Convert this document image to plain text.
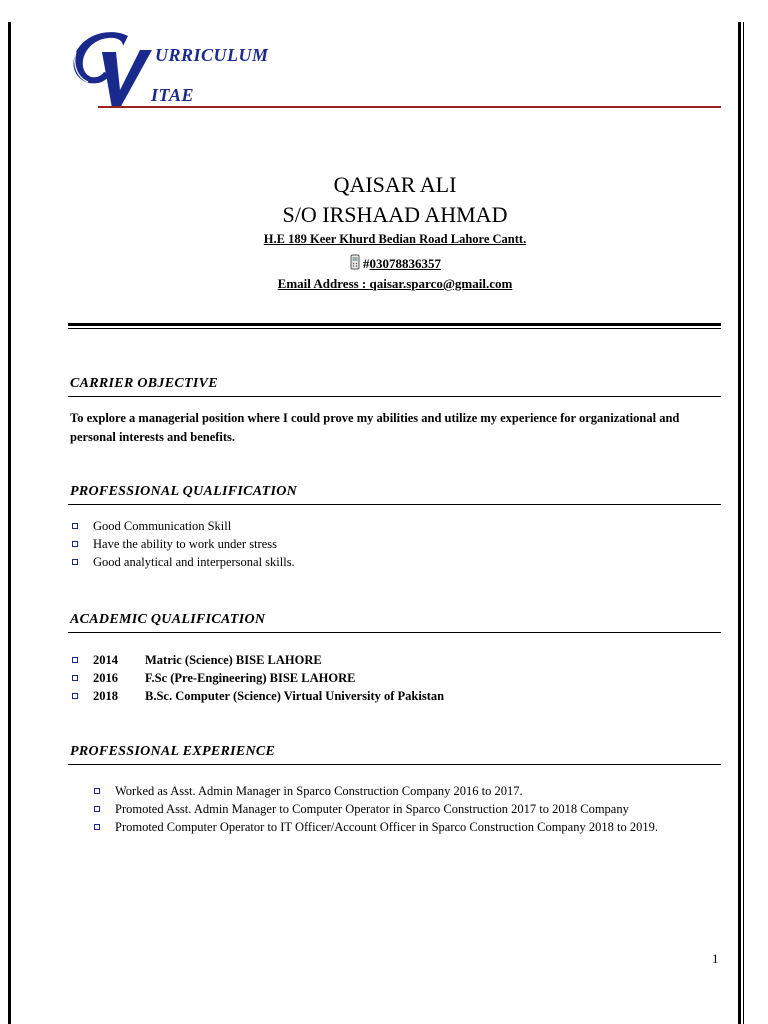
URRICULUM
ITAE
QAISAR ALI
S/O IRSHAAD AHMAD
H.E 189 Keer Khurd Bedian Road Lahore Cantt.
#03078836357
Email Address : qaisar.sparco@gmail.com
CARRIER OBJECTIVE
To explore a managerial position where I could prove my abilities and utilize my experience for organizational and personal interests and benefits.
PROFESSIONAL QUALIFICATION
Good Communication Skill
Have the ability to work under stress
Good analytical and interpersonal skills.
ACADEMIC QUALIFICATION
2014 Matric (Science) BISE LAHORE
2016 F.Sc (Pre-Engineering) BISE LAHORE
2018 B.Sc. Computer (Science) Virtual University of Pakistan
PROFESSIONAL EXPERIENCE
Worked as Asst. Admin Manager in Sparco Construction Company 2016 to 2017.
Promoted Asst. Admin Manager to Computer Operator in Sparco Construction 2017 to 2018 Company
Promoted Computer Operator to IT Officer/Account Officer in Sparco Construction Company 2018 to 2019.
1
